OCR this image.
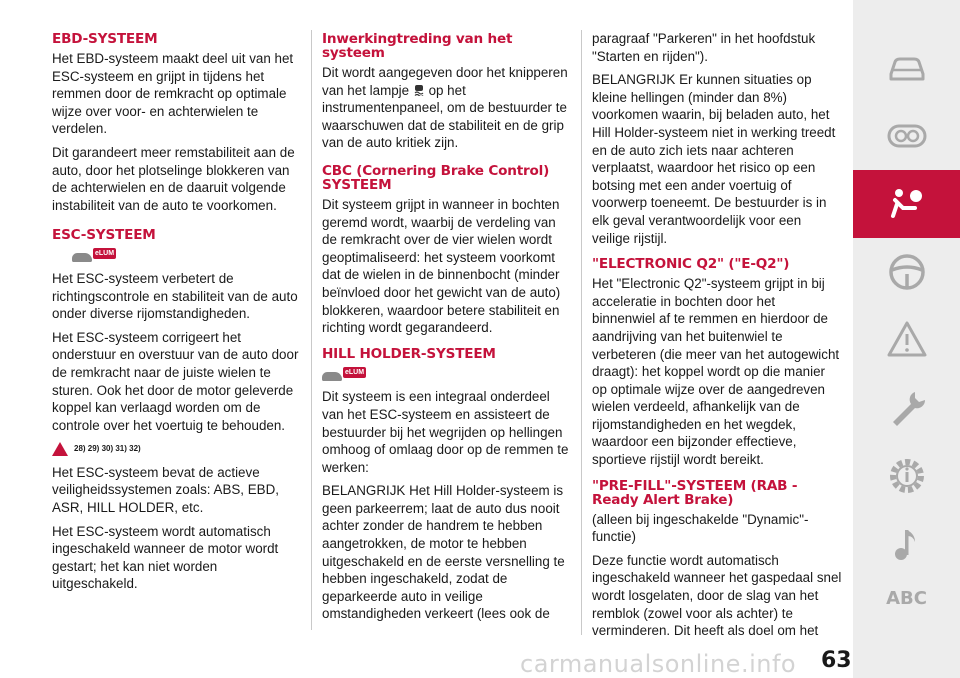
EBD-SYSTEEM

Het EBD-systeem maakt deel uit van het ESC-systeem en grijpt in tijdens het remmen door de remkracht op optimale wijze over voor- en achterwielen te verdelen.

Dit garandeert meer remstabiliteit aan de auto, door het plotselinge blokkeren van de achterwielen en de daaruit volgende instabiliteit van de auto te voorkomen.

ESC-SYSTEEM
eLUM

Het ESC-systeem verbetert de richtingscontrole en stabiliteit van de auto onder diverse rijomstandigheden.

Het ESC-systeem corrigeert het onderstuur en overstuur van de auto door de remkracht naar de juiste wielen te sturen. Ook het door de motor geleverde koppel kan verlaagd worden om de controle over het voertuig te behouden.

28) 29) 30) 31) 32)

Het ESC-systeem bevat de actieve veiligheidssystemen zoals: ABS, EBD, ASR, HILL HOLDER, etc.

Het ESC-systeem wordt automatisch ingeschakeld wanneer de motor wordt gestart; het kan niet worden uitgeschakeld.

Inwerkingtreding van het systeem

Dit wordt aangegeven door het knipperen van het lampje op het instrumentenpaneel, om de bestuurder te waarschuwen dat de stabiliteit en de grip van de auto kritiek zijn.

CBC (Cornering Brake Control) SYSTEEM

Dit systeem grijpt in wanneer in bochten geremd wordt, waarbij de verdeling van de remkracht over de vier wielen wordt geoptimaliseerd: het systeem voorkomt dat de wielen in de binnenbocht (minder beïnvloed door het gewicht van de auto) blokkeren, waardoor betere stabiliteit en richting wordt gegarandeerd.

HILL HOLDER-SYSTEEM
eLUM

Dit systeem is een integraal onderdeel van het ESC-systeem en assisteert de bestuurder bij het wegrijden op hellingen omhoog of omlaag door op de remmen te werken:

BELANGRIJK Het Hill Holder-systeem is geen parkeerrem; laat de auto dus nooit achter zonder de handrem te hebben aangetrokken, de motor te hebben uitgeschakeld en de eerste versnelling te hebben ingeschakeld, zodat de geparkeerde auto in veilige omstandigheden verkeert (lees ook de

paragraaf "Parkeren" in het hoofdstuk "Starten en rijden").

BELANGRIJK Er kunnen situaties op kleine hellingen (minder dan 8%) voorkomen waarin, bij beladen auto, het Hill Holder-systeem niet in werking treedt en de auto zich iets naar achteren verplaatst, waardoor het risico op een botsing met een ander voertuig of voorwerp toeneemt. De bestuurder is in elk geval verantwoordelijk voor een veilige rijstijl.

"ELECTRONIC Q2" ("E-Q2")

Het "Electronic Q2"-systeem grijpt in bij acceleratie in bochten door het binnenwiel af te remmen en hierdoor de aandrijving van het buitenwiel te verbeteren (die meer van het autogewicht draagt): het koppel wordt op die manier op optimale wijze over de aangedreven wielen verdeeld, afhankelijk van de rijomstandigheden en het wegdek, waardoor een bijzonder effectieve, sportieve rijstijl wordt bereikt.

"PRE-FILL"-SYSTEEM (RAB - Ready Alert Brake)

(alleen bij ingeschakelde "Dynamic"-functie)

Deze functie wordt automatisch ingeschakeld wanneer het gaspedaal snel wordt losgelaten, door de slag van het remblok (zowel voor als achter) te verminderen. Dit heeft als doel om het

ABC
carmanualsonline.info 63
